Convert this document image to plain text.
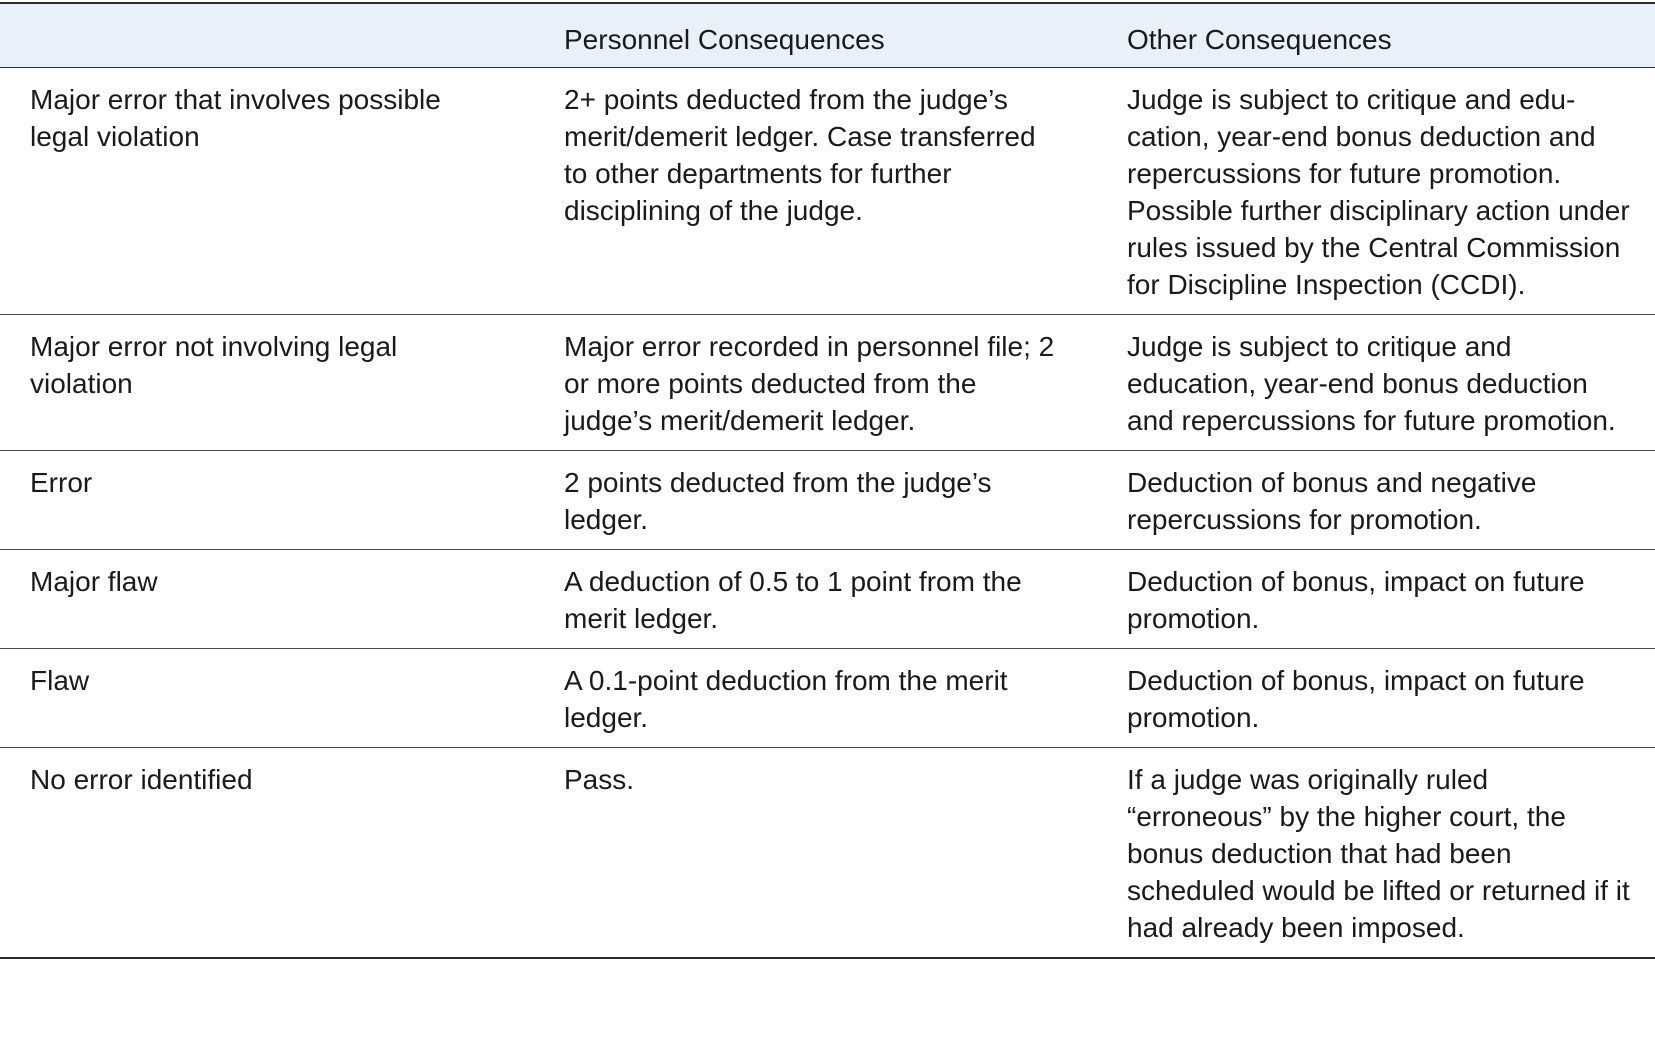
	Personnel Consequences	Other Consequences
Major error that involves possible legal violation	2+ points deducted from the judge’s merit/demerit ledger. Case transferred to other departments for further disciplining of the judge.	Judge is subject to critique and education, year-end bonus deduction and repercussions for future promotion. Possible further disciplinary action under rules issued by the Central Commission for Discipline Inspection (CCDI).
Major error not involving legal violation	Major error recorded in personnel file; 2 or more points deducted from the judge’s merit/demerit ledger.	Judge is subject to critique and education, year-end bonus deduction and repercussions for future promotion.
Error	2 points deducted from the judge’s ledger.	Deduction of bonus and negative repercussions for promotion.
Major flaw	A deduction of 0.5 to 1 point from the merit ledger.	Deduction of bonus, impact on future promotion.
Flaw	A 0.1-point deduction from the merit ledger.	Deduction of bonus, impact on future promotion.
No error identified	Pass.	If a judge was originally ruled “erroneous” by the higher court, the bonus deduction that had been scheduled would be lifted or returned if it had already been imposed.
